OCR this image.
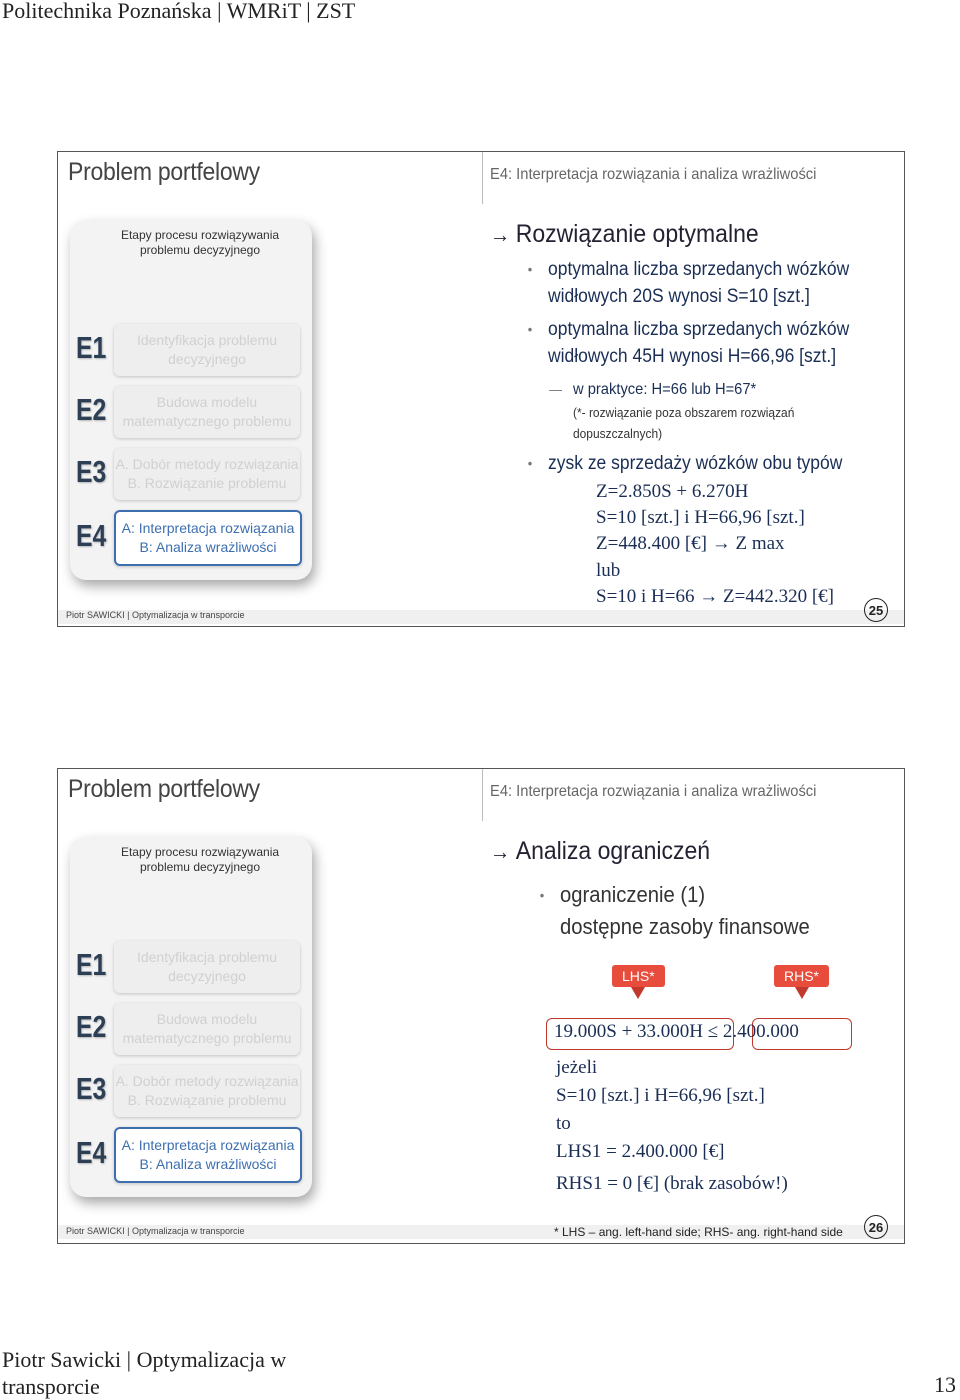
Politechnika Poznańska | WMRiT | ZST
Problem portfelowy	E4: Interpretacja rozwiązania i analiza wrażliwości
Etapy procesu rozwiązywania
problemu decyzyjnego
E1
E2
E3
E4
Identyfikacja problemu
decyzyjnego
Budowa modelu
matematycznego problemu
A. Dobór metody rozwiązania
B. Rozwiązanie problemu
A: Interpretacja rozwiązania
B: Analiza wrażliwości
Piotr SAWICKI | Optymalizacja w transporcie
→ Rozwiązanie optymalne
• optymalna liczba sprzedanych wózków
widłowych 20S wynosi S=10 [szt.]
• optymalna liczba sprzedanych wózków
widłowych 45H wynosi H=66,96 [szt.]
— w praktyce: H=66 lub H=67*
(*- rozwiązanie poza obszarem rozwiązań
dopuszczalnych)
• zysk ze sprzedaży wózków obu typów
Z=2.850S + 6.270H
S=10 [szt.] i H=66,96 [szt.]
Z=448.400 [€] → Z max
lub
S=10 i H=66 → Z=442.320 [€]
25
Problem portfelowy	E4: Interpretacja rozwiązania i analiza wrażliwości
Etapy procesu rozwiązywania
problemu decyzyjnego
E1
E2
E3
E4
Identyfikacja problemu
decyzyjnego
Budowa modelu
matematycznego problemu
A. Dobór metody rozwiązania
B. Rozwiązanie problemu
A: Interpretacja rozwiązania
B: Analiza wrażliwości
Piotr SAWICKI | Optymalizacja w transporcie
→ Analiza ograniczeń
• ograniczenie (1)
dostępne zasoby finansowe
LHS*	RHS*
19.000S + 33.000H ≤ 2.400.000
jeżeli
S=10 [szt.] i H=66,96 [szt.]
to
LHS1 = 2.400.000 [€]
RHS1 = 0 [€] (brak zasobów!)
* LHS – ang. left-hand side; RHS- ang. right-hand side	26
Piotr Sawicki | Optymalizacja w transporcie	13
